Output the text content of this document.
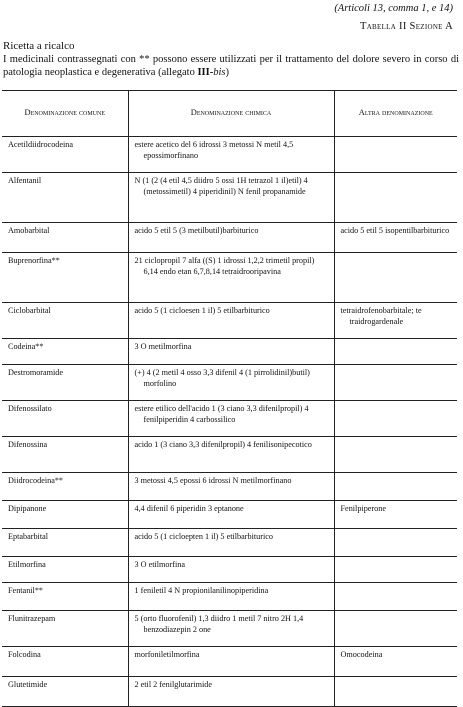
(Articoli 13, comma 1, e 14)
Tabella II Sezione A
Ricetta a ricalco
I medicinali contrassegnati con ** possono essere utilizzati per il trattamento del dolore severo in corso di patologia neoplastica e degenerativa (allegato III-bis)
Denominazione comune	Denominazione chimica	Altra denominazione

Acetildiidrocodeina	estere acetico del 6 idrossi 3 metossi N metil 4,5 epossimorfinano	

Alfentanil	N (1 (2 (4 etil 4,5 diidro 5 ossi 1H tetrazol 1 il)etil) 4 (metossimetil) 4 piperidinil) N fenil propanamide	

Amobarbital	acido 5 etil 5 (3 metilbutil)barbiturico	acido 5 etil 5 isopentilbarbiturico

Buprenorfina**	21 ciclopropil 7 alfa ((S) 1 idrossi 1,2,2 trimetil propil) 6,14 endo etan 6,7,8,14 tetraidrooripavina	

Ciclobarbital	acido 5 (1 cicloesen 1 il) 5 etilbarbiturico	tetraidrofenobarbitale; te traidrogardenale

Codeina**	3 O metilmorfina	

Destromoramide	(+) 4 (2 metil 4 osso 3,3 difenil 4 (1 pirrolidinil)butil) morfolino	

Difenossilato	estere etilico dell'acido 1 (3 ciano 3,3 difenilpropil) 4 fenilpiperidin 4 carbossilico	

Difenossina	acido 1 (3 ciano 3,3 difenilpropil) 4 fenilisonipecotico	

Diidrocodeina**	3 metossi 4,5 epossi 6 idrossi N metilmorfinano	

Dipipanone	4,4 difenil 6 piperidin 3 eptanone	Fenilpiperone

Eptabarbital	acido 5 (1 cicloepten 1 il) 5 etilbarbiturico	

Etilmorfina	3 O etilmorfina	

Fentanil**	1 feniletil 4 N propionilanilinopiperidina	

Flunitrazepam	5 (orto fluorofenil) 1,3 diidro 1 metil 7 nitro 2H 1,4 benzodiazepin 2 one	

Folcodina	morfoniletilmorfina	Omocodeina

Glutetimide	2 etil 2 fenilglutarimide	
